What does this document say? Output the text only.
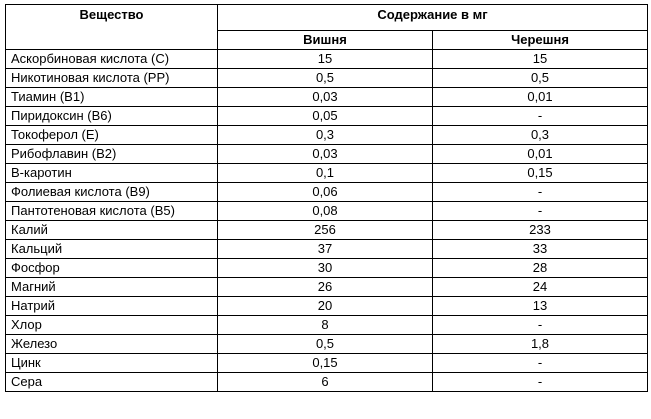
Вещество	Содержание в мг	
	Вишня	Черешня
Аскорбиновая кислота (С)	15	15
Никотиновая кислота (РР)	0,5	0,5
Тиамин (В1)	0,03	0,01
Пиридоксин (В6)	0,05	-
Токоферол (Е)	0,3	0,3
Рибофлавин (В2)	0,03	0,01
В-каротин	0,1	0,15
Фолиевая кислота (В9)	0,06	-
Пантотеновая кислота (В5)	0,08	-
Калий	256	233
Кальций	37	33
Фосфор	30	28
Магний	26	24
Натрий	20	13
Хлор	8	-
Железо	0,5	1,8
Цинк	0,15	-
Сера	6	-
